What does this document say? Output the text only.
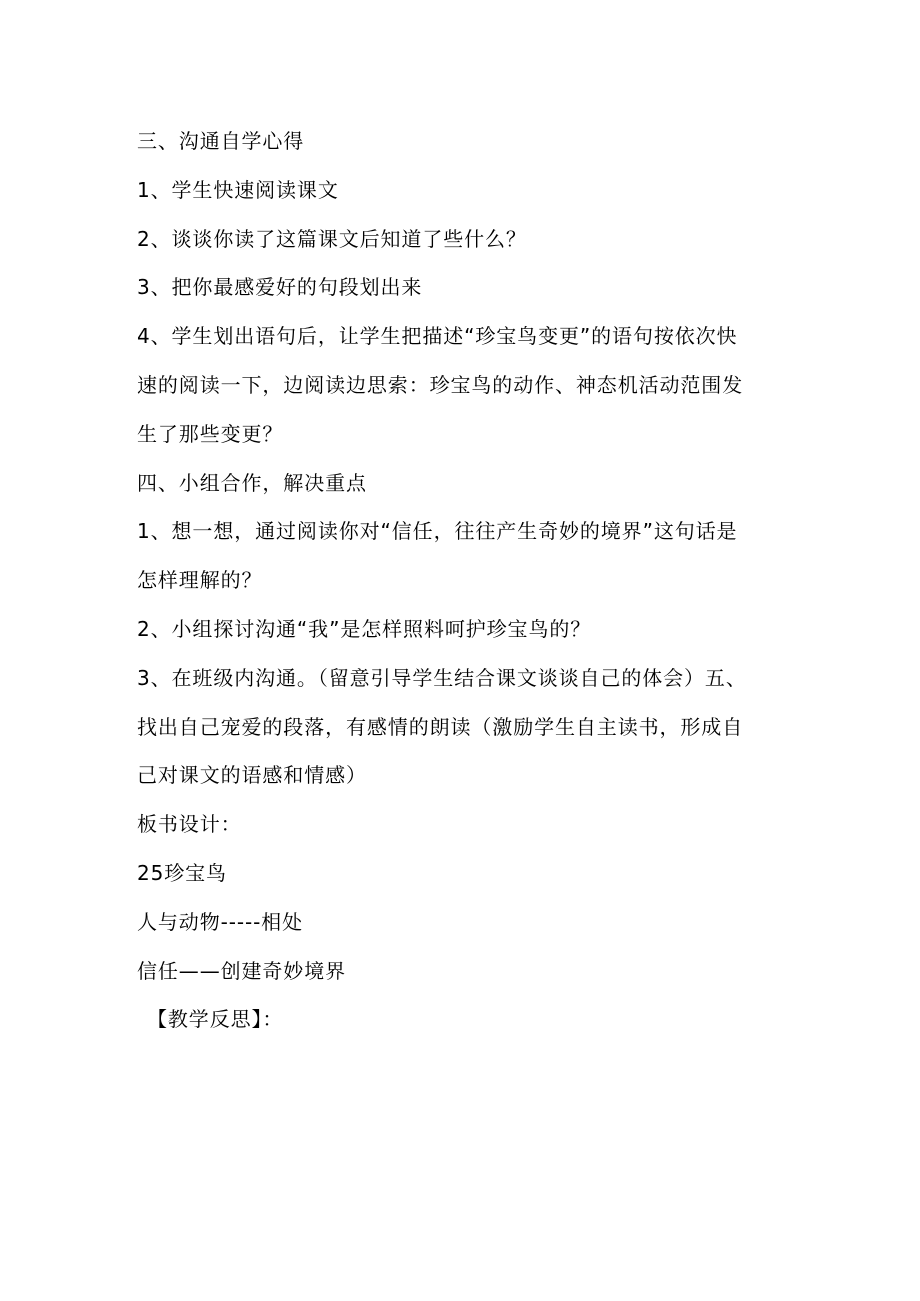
三、沟通自学心得
1、学生快速阅读课文
2、谈谈你读了这篇课文后知道了些什么？
3、把你最感爱好的句段划出来
4、学生划出语句后，让学生把描述“珍宝鸟变更”的语句按依次快
速的阅读一下，边阅读边思索：珍宝鸟的动作、神态机活动范围发
生了那些变更？
四、小组合作，解决重点
1、想一想，通过阅读你对“信任，往往产生奇妙的境界”这句话是
怎样理解的？
2、小组探讨沟通“我”是怎样照料呵护珍宝鸟的？
3、在班级内沟通。（留意引导学生结合课文谈谈自己的体会）五、
找出自己宠爱的段落，有感情的朗读（激励学生自主读书，形成自
己对课文的语感和情感）
板书设计：
25珍宝鸟
人与动物-----相处
信任——创建奇妙境界
【教学反思】：
